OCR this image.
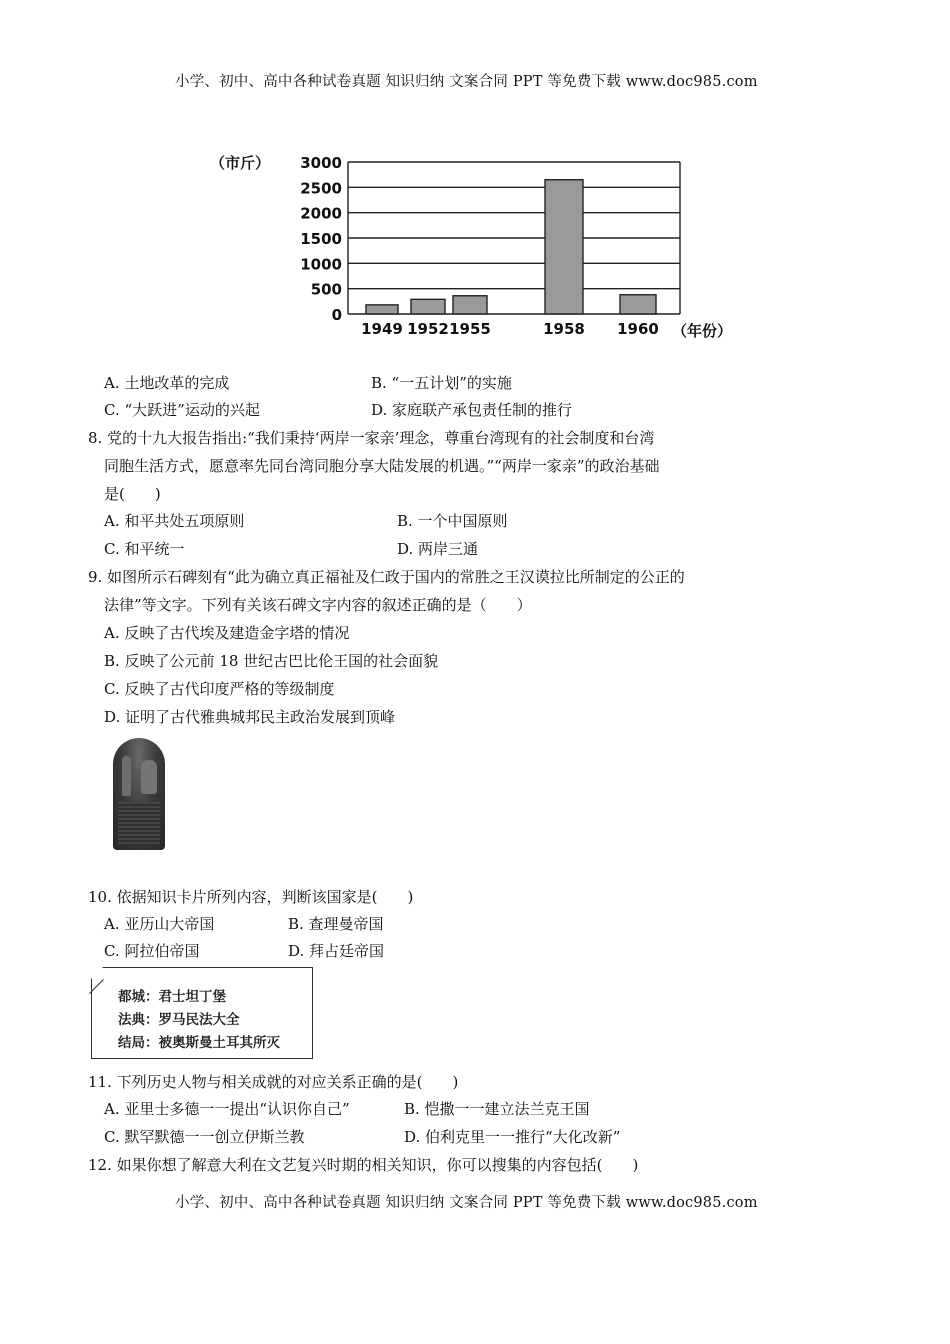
小学、初中、高中各种试卷真题 知识归纳 文案合同 PPT 等免费下载 www.doc985.com
（市斤）
0
500
1000
1500
2000
2500
3000
1949 1952 1955	1958 1960 （年份）
A. 土地改革的完成	B. “一五计划”的实施
C. “大跃进”运动的兴起	D. 家庭联产承包责任制的推行
8. 党的十九大报告指出:“我们秉持‘两岸一家亲’理念，尊重台湾现有的社会制度和台湾
同胞生活方式，愿意率先同台湾同胞分享大陆发展的机遇。”“两岸一家亲”的政治基础
是(　　)
A. 和平共处五项原则	B. 一个中国原则
C. 和平统一	D. 两岸三通
9. 如图所示石碑刻有“此为确立真正福祉及仁政于国内的常胜之王汉谟拉比所制定的公正的
法律”等文字。下列有关该石碑文字内容的叙述正确的是（　　）
A. 反映了古代埃及建造金字塔的情况
B. 反映了公元前 18 世纪古巴比伦王国的社会面貌
C. 反映了古代印度严格的等级制度
D. 证明了古代雅典城邦民主政治发展到顶峰
10. 依据知识卡片所列内容，判断该国家是(　　)
A. 亚历山大帝国	B. 查理曼帝国
C. 阿拉伯帝国	D. 拜占廷帝国
都城：君士坦丁堡
法典：罗马民法大全
结局：被奥斯曼土耳其所灭
11. 下列历史人物与相关成就的对应关系正确的是(　　)
A. 亚里士多德一一提出“认识你自己”	B. 恺撒一一建立法兰克王国
C. 默罕默德一一创立伊斯兰教	D. 伯利克里一一推行“大化改新”
12. 如果你想了解意大利在文艺复兴时期的相关知识，你可以搜集的内容包括(　　)
小学、初中、高中各种试卷真题 知识归纳 文案合同 PPT 等免费下载 www.doc985.com
